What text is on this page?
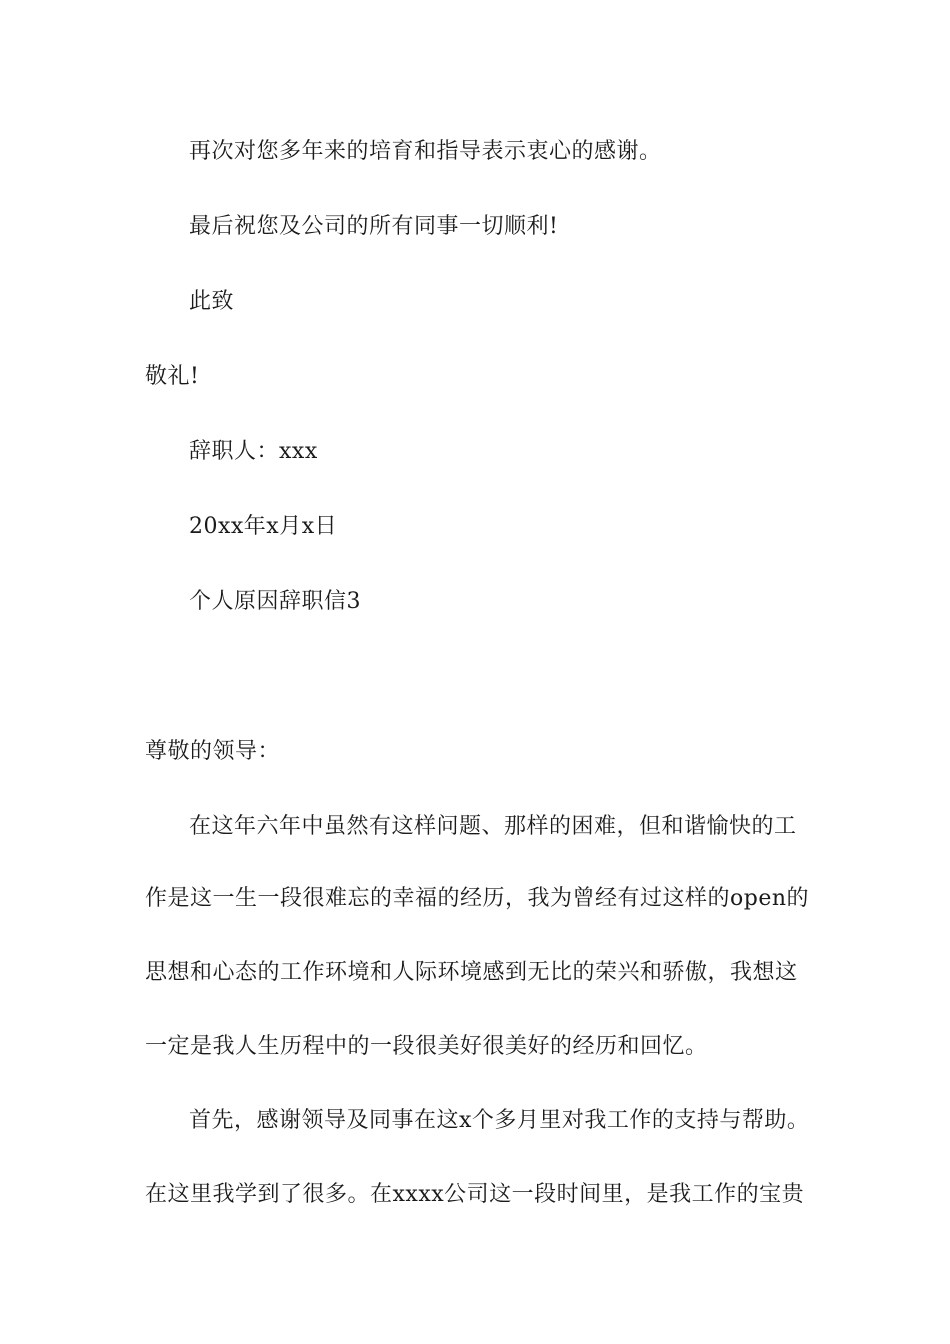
再次对您多年来的培育和指导表示衷心的感谢。
最后祝您及公司的所有同事一切顺利!
此致
敬礼!
辞职人：xxx
20xx年x月x日
个人原因辞职信3
尊敬的领导：
在这年六年中虽然有这样问题、那样的困难，但和谐愉快的工
作是这一生一段很难忘的幸福的经历，我为曾经有过这样的open的
思想和心态的工作环境和人际环境感到无比的荣兴和骄傲，我想这
一定是我人生历程中的一段很美好很美好的经历和回忆。
首先，感谢领导及同事在这x个多月里对我工作的支持与帮助。
在这里我学到了很多。在xxxx公司这一段时间里，是我工作的宝贵
